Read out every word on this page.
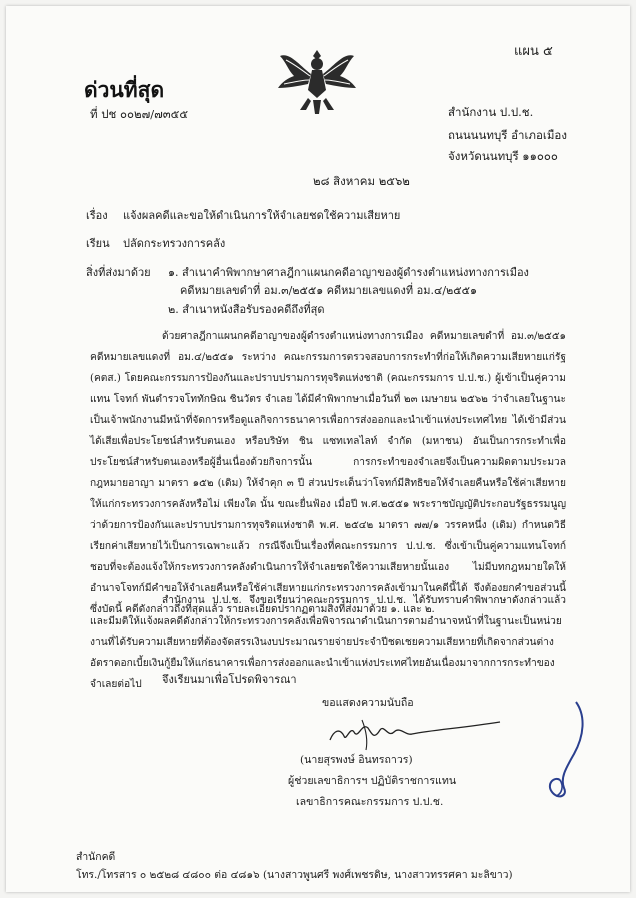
แผน ๕
ด่วนที่สุด
ที่ ปช ๐๐๒๗/๗๓๕๕	สำนักงาน ป.ป.ช.
ถนนนนทบุรี อำเภอเมือง
จังหวัดนนทบุรี ๑๑๐๐๐
๒๘ สิงหาคม ๒๕๖๒
เรื่อง แจ้งผลคดีและขอให้ดำเนินการให้จำเลยชดใช้ความเสียหาย
เรียน ปลัดกระทรวงการคลัง
สิ่งที่ส่งมาด้วย ๑. สำเนาคำพิพากษาศาลฎีกาแผนกคดีอาญาของผู้ดำรงตำแหน่งทางการเมือง
คดีหมายเลขดำที่ อม.๓/๒๕๕๑ คดีหมายเลขแดงที่ อม.๔/๒๕๕๑
๒. สำเนาหนังสือรับรองคดีถึงที่สุด
ด้วยศาลฎีกาแผนกคดีอาญาของผู้ดำรงตำแหน่งทางการเมือง คดีหมายเลขดำที่ อม.๓/๒๕๕๑ คดีหมายเลขแดงที่ อม.๔/๒๕๕๑ ระหว่าง คณะกรรมการตรวจสอบการกระทำที่ก่อให้เกิดความเสียหายแก่รัฐ (คตส.) โดยคณะกรรมการป้องกันและปราบปรามการทุจริตแห่งชาติ (คณะกรรมการ ป.ป.ช.) ผู้เข้าเป็นคู่ความแทน โจทก์ พันตำรวจโททักษิณ ชินวัตร จำเลย ได้มีคำพิพากษาเมื่อวันที่ ๒๓ เมษายน ๒๕๖๒ ว่าจำเลยในฐานะเป็นเจ้าพนักงานมีหน้าที่จัดการหรือดูแลกิจการธนาคารเพื่อการส่งออกและนำเข้าแห่งประเทศไทย ได้เข้ามีส่วนได้เสียเพื่อประโยชน์สำหรับตนเอง หรือบริษัท ชิน แซทเทลไลท์ จำกัด (มหาชน) อันเป็นการกระทำเพื่อประโยชน์สำหรับตนเองหรือผู้อื่นเนื่องด้วยกิจการนั้น การกระทำของจำเลยจึงเป็นความผิดตามประมวลกฎหมายอาญา มาตรา ๑๕๒ (เดิม) ให้จำคุก ๓ ปี ส่วนประเด็นว่าโจทก์มีสิทธิขอให้จำเลยคืนหรือใช้ค่าเสียหายให้แก่กระทรวงการคลังหรือไม่ เพียงใด นั้น ขณะยื่นฟ้อง เมื่อปี พ.ศ.๒๕๕๑ พระราชบัญญัติประกอบรัฐธรรมนูญว่าด้วยการป้องกันและปราบปรามการทุจริตแห่งชาติ พ.ศ. ๒๕๔๒ มาตรา ๗๗/๑ วรรคหนึ่ง (เดิม) กำหนดวิธีเรียกค่าเสียหายไว้เป็นการเฉพาะแล้ว กรณีจึงเป็นเรื่องที่คณะกรรมการ ป.ป.ช. ซึ่งเข้าเป็นคู่ความแทนโจทก์ ชอบที่จะต้องแจ้งให้กระทรวงการคลังดำเนินการให้จำเลยชดใช้ความเสียหายนั้นเอง ไม่มีบทกฎหมายใดให้อำนาจโจทก์มีคำขอให้จำเลยคืนหรือใช้ค่าเสียหายแก่กระทรวงการคลังเข้ามาในคดีนี้ได้ จึงต้องยกคำขอส่วนนี้ ซึ่งบัดนี้ คดีดังกล่าวถึงที่สุดแล้ว รายละเอียดปรากฏตามสิ่งที่ส่งมาด้วย ๑. และ ๒.
สำนักงาน ป.ป.ช. จึงขอเรียนว่าคณะกรรมการ ป.ป.ช. ได้รับทราบคำพิพากษาดังกล่าวแล้วและมีมติให้แจ้งผลคดีดังกล่าวให้กระทรวงการคลังเพื่อพิจารณาดำเนินการตามอำนาจหน้าที่ในฐานะเป็นหน่วยงานที่ได้รับความเสียหายที่ต้องจัดสรรเงินงบประมาณรายจ่ายประจำปีชดเชยความเสียหายที่เกิดจากส่วนต่างอัตราดอกเบี้ยเงินกู้ยืมให้แก่ธนาคารเพื่อการส่งออกและนำเข้าแห่งประเทศไทยอันเนื่องมาจากการกระทำของจำเลยต่อไป	จึงเรียนมาเพื่อโปรดพิจารณา
ขอแสดงความนับถือ
(นายสุรพงษ์ อินทรถาวร)
ผู้ช่วยเลขาธิการฯ ปฏิบัติราชการแทน
เลขาธิการคณะกรรมการ ป.ป.ช.
สำนักคดี
โทร./โทรสาร ๐ ๒๕๒๘ ๔๘๐๐ ต่อ ๔๘๑๖ (นางสาวพูนศรี พงศ์เพชรดิษ, นางสาวทรรศคา มะลิขาว)
